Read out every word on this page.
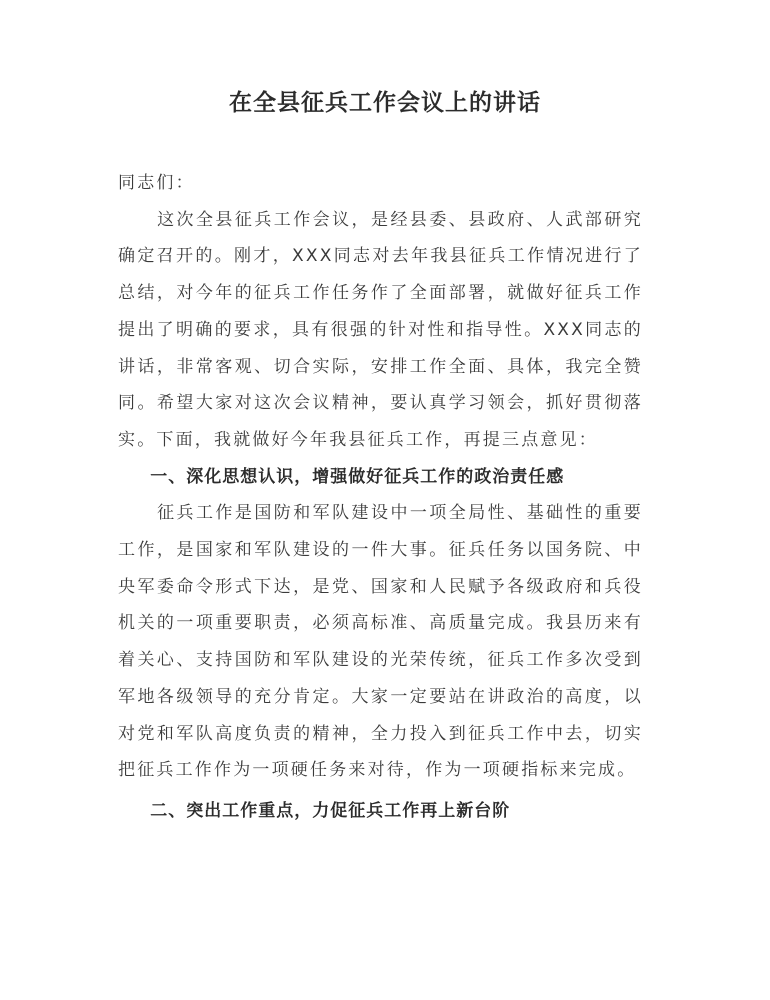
在全县征兵工作会议上的讲话

同志们：

这次全县征兵工作会议，是经县委、县政府、人武部研究确定召开的。刚才，XXX同志对去年我县征兵工作情况进行了总结，对今年的征兵工作任务作了全面部署，就做好征兵工作提出了明确的要求，具有很强的针对性和指导性。XXX同志的讲话，非常客观、切合实际，安排工作全面、具体，我完全赞同。希望大家对这次会议精神，要认真学习领会，抓好贯彻落实。下面，我就做好今年我县征兵工作，再提三点意见：

一、深化思想认识，增强做好征兵工作的政治责任感

征兵工作是国防和军队建设中一项全局性、基础性的重要工作，是国家和军队建设的一件大事。征兵任务以国务院、中央军委命令形式下达，是党、国家和人民赋予各级政府和兵役机关的一项重要职责，必须高标准、高质量完成。我县历来有着关心、支持国防和军队建设的光荣传统，征兵工作多次受到军地各级领导的充分肯定。大家一定要站在讲政治的高度，以对党和军队高度负责的精神，全力投入到征兵工作中去，切实把征兵工作作为一项硬任务来对待，作为一项硬指标来完成。

二、突出工作重点，力促征兵工作再上新台阶
